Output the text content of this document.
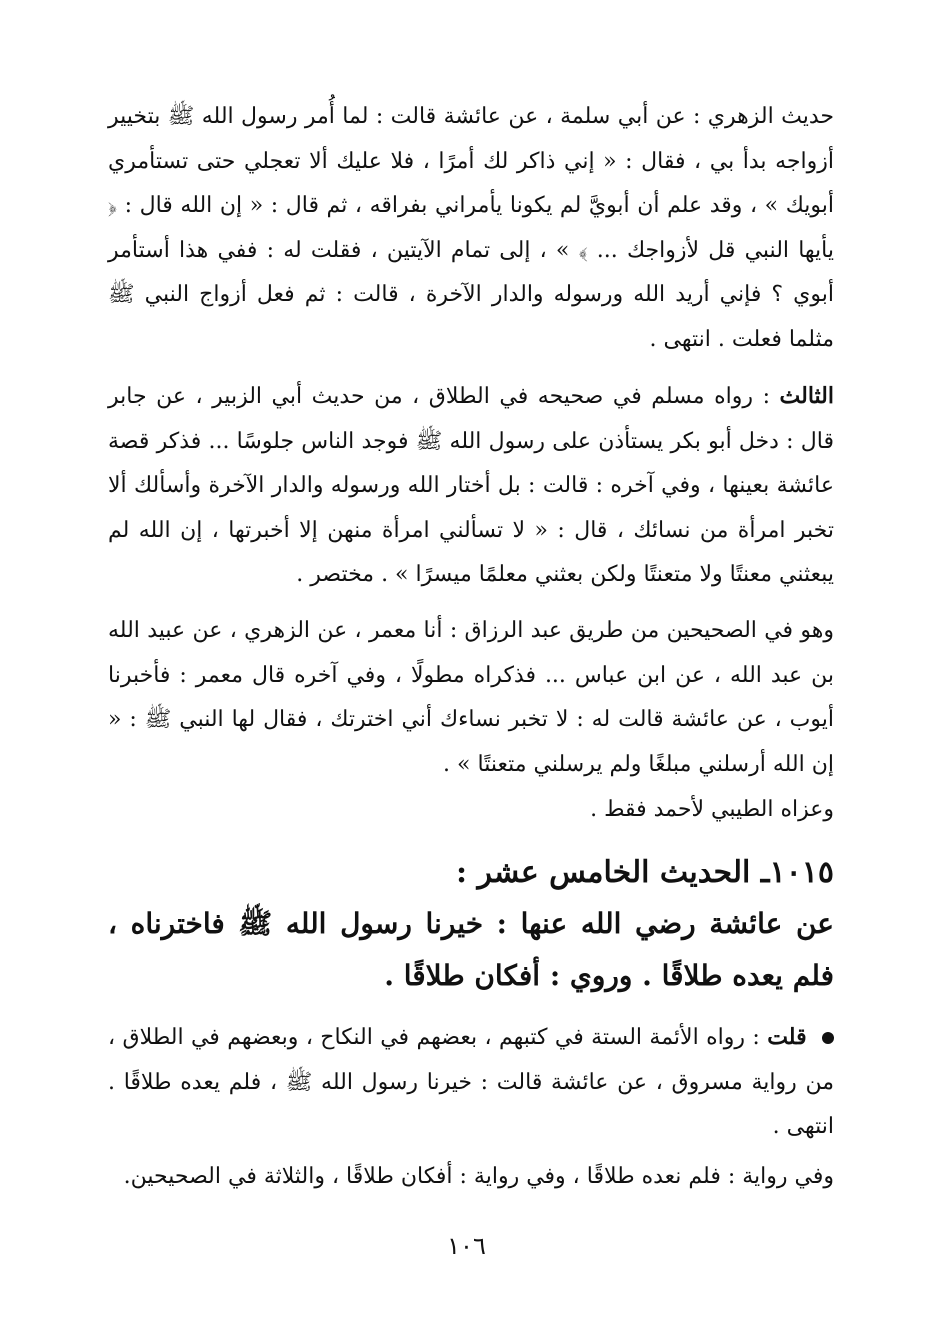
حديث الزهري : عن أبي سلمة ، عن عائشة قالت : لما أُمر رسول الله ﷺ بتخيير أزواجه بدأ بي ، فقال : « إني ذاكر لك أمرًا ، فلا عليك ألا تعجلي حتى تستأمري أبويك » ، وقد علم أن أبويَّ لم يكونا يأمراني بفراقه ، ثم قال : « إن الله قال : ﴿ يأيها النبي قل لأزواجك ... ﴾ » ، إلى تمام الآيتين ، فقلت له : ففي هذا أستأمر أبوي ؟ فإني أريد الله ورسوله والدار الآخرة ، قالت : ثم فعل أزواج النبي ﷺ مثلما فعلت . انتهى .

الثالث : رواه مسلم في صحيحه في الطلاق ، من حديث أبي الزبير ، عن جابر قال : دخل أبو بكر يستأذن على رسول الله ﷺ فوجد الناس جلوسًا ... فذكر قصة عائشة بعينها ، وفي آخره : قالت : بل أختار الله ورسوله والدار الآخرة وأسألك ألا تخبر امرأة من نسائك ، قال : « لا تسألني امرأة منهن إلا أخبرتها ، إن الله لم يبعثني معنتًا ولا متعنتًا ولكن بعثني معلمًا ميسرًا » . مختصر .

وهو في الصحيحين من طريق عبد الرزاق : أنا معمر ، عن الزهري ، عن عبيد الله بن عبد الله ، عن ابن عباس ... فذكراه مطولًا ، وفي آخره قال معمر : فأخبرنا أيوب ، عن عائشة قالت له : لا تخبر نساءك أني اخترتك ، فقال لها النبي ﷺ : « إن الله أرسلني مبلغًا ولم يرسلني متعنتًا » .

وعزاه الطيبي لأحمد فقط .

١٠١٥ـ الحديث الخامس عشر :

عن عائشة رضي الله عنها : خيرنا رسول الله ﷺ فاخترناه ، فلم يعده طلاقًا . وروي : أفكان طلاقًا .

قلت : رواه الأئمة الستة في كتبهم ، بعضهم في النكاح ، وبعضهم في الطلاق ، من رواية مسروق ، عن عائشة قالت : خيرنا رسول الله ﷺ ، فلم يعده طلاقًا . انتهى .

وفي رواية : فلم نعده طلاقًا ، وفي رواية : أفكان طلاقًا ، والثلاثة في الصحيحين.

١٠٦
